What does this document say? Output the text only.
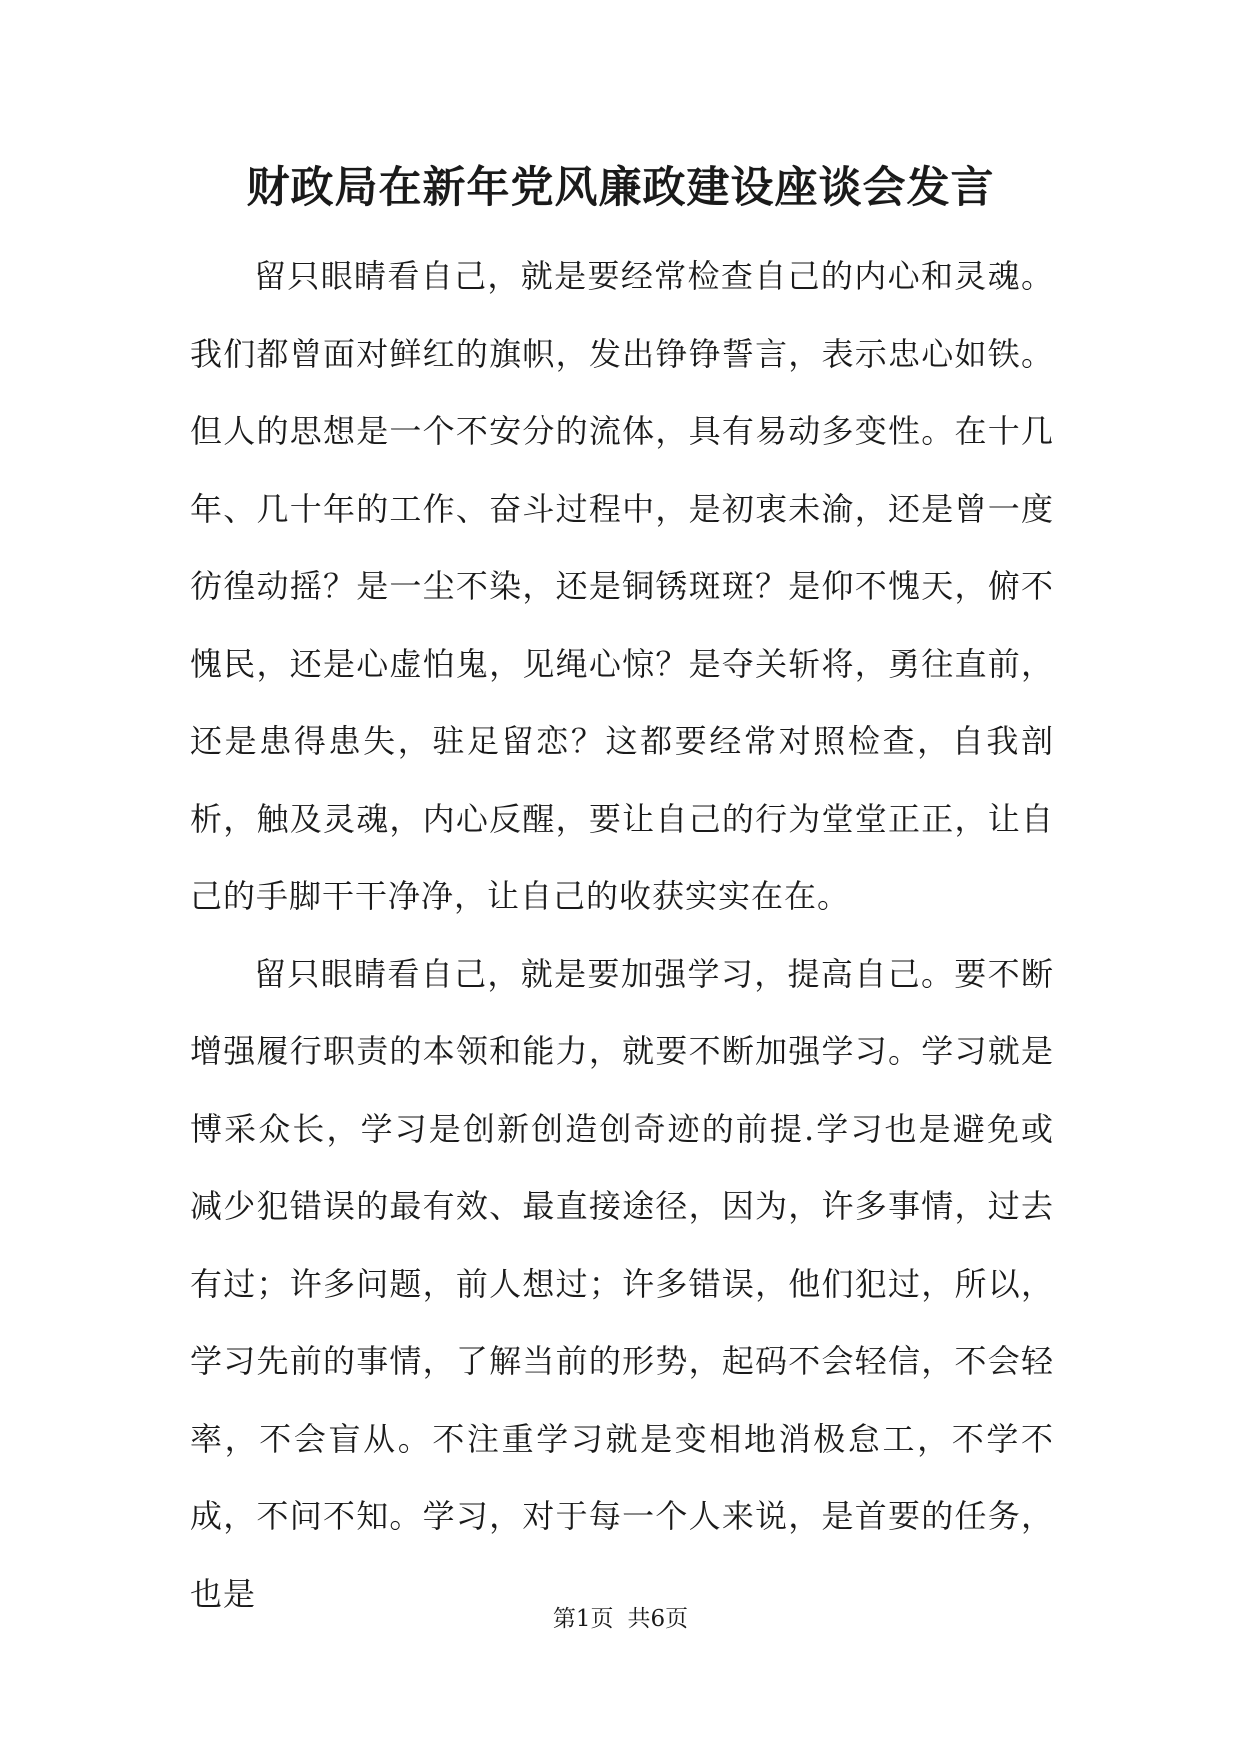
财政局在新年党风廉政建设座谈会发言

留只眼睛看自己，就是要经常检查自己的内心和灵魂。我们都曾面对鲜红的旗帜，发出铮铮誓言，表示忠心如铁。但人的思想是一个不安分的流体，具有易动多变性。在十几年、几十年的工作、奋斗过程中，是初衷未渝，还是曾一度彷徨动摇？是一尘不染，还是铜锈斑斑？是仰不愧天，俯不愧民，还是心虚怕鬼，见绳心惊？是夺关斩将，勇往直前，还是患得患失，驻足留恋？这都要经常对照检查，自我剖析，触及灵魂，内心反醒，要让自己的行为堂堂正正，让自己的手脚干干净净，让自己的收获实实在在。

留只眼睛看自己，就是要加强学习，提高自己。要不断增强履行职责的本领和能力，就要不断加强学习。学习就是博采众长，学习是创新创造创奇迹的前提.学习也是避免或减少犯错误的最有效、最直接途径，因为，许多事情，过去有过；许多问题，前人想过；许多错误，他们犯过，所以，学习先前的事情，了解当前的形势，起码不会轻信，不会轻率，不会盲从。不注重学习就是变相地消极怠工，不学不成，不问不知。学习，对于每一个人来说，是首要的任务，也是

第1页 共6页
